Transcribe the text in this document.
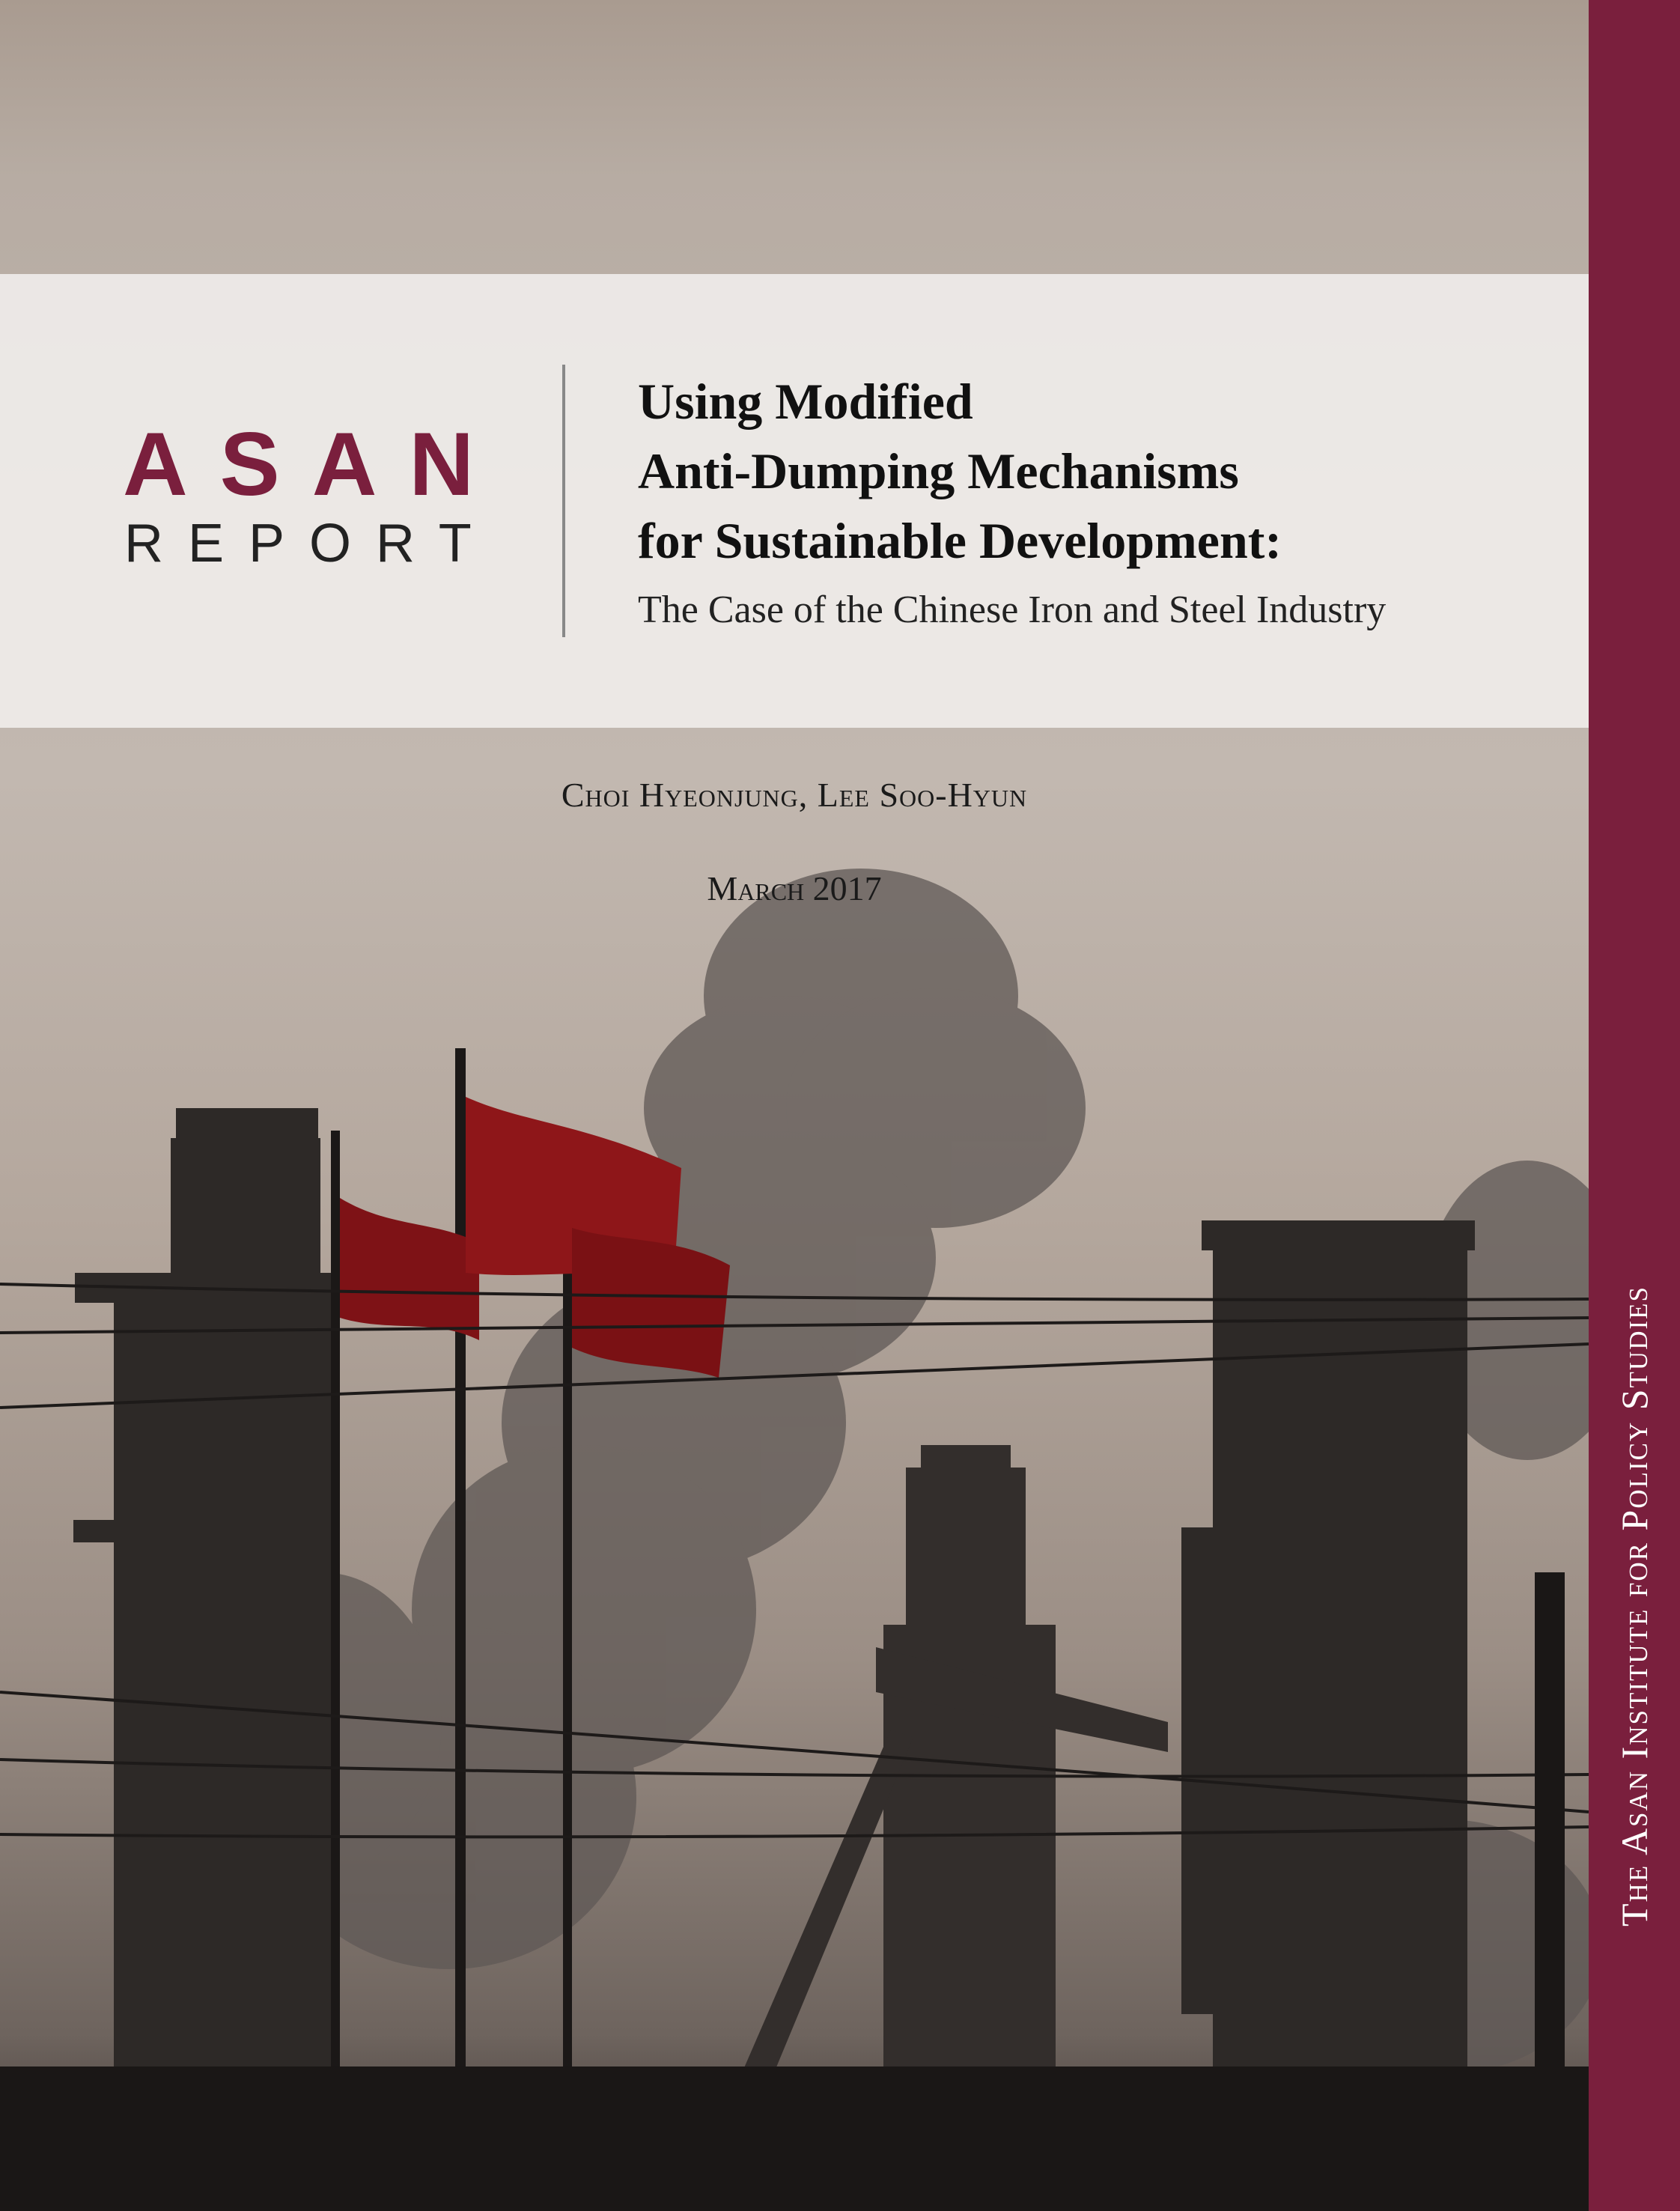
The Asan Institute for Policy Studies
ASAN
REPORT
Using Modified
Anti-Dumping Mechanisms
for Sustainable Development:
The Case of the Chinese Iron and Steel Industry
Choi Hyeonjung, Lee Soo-Hyun
March 2017
